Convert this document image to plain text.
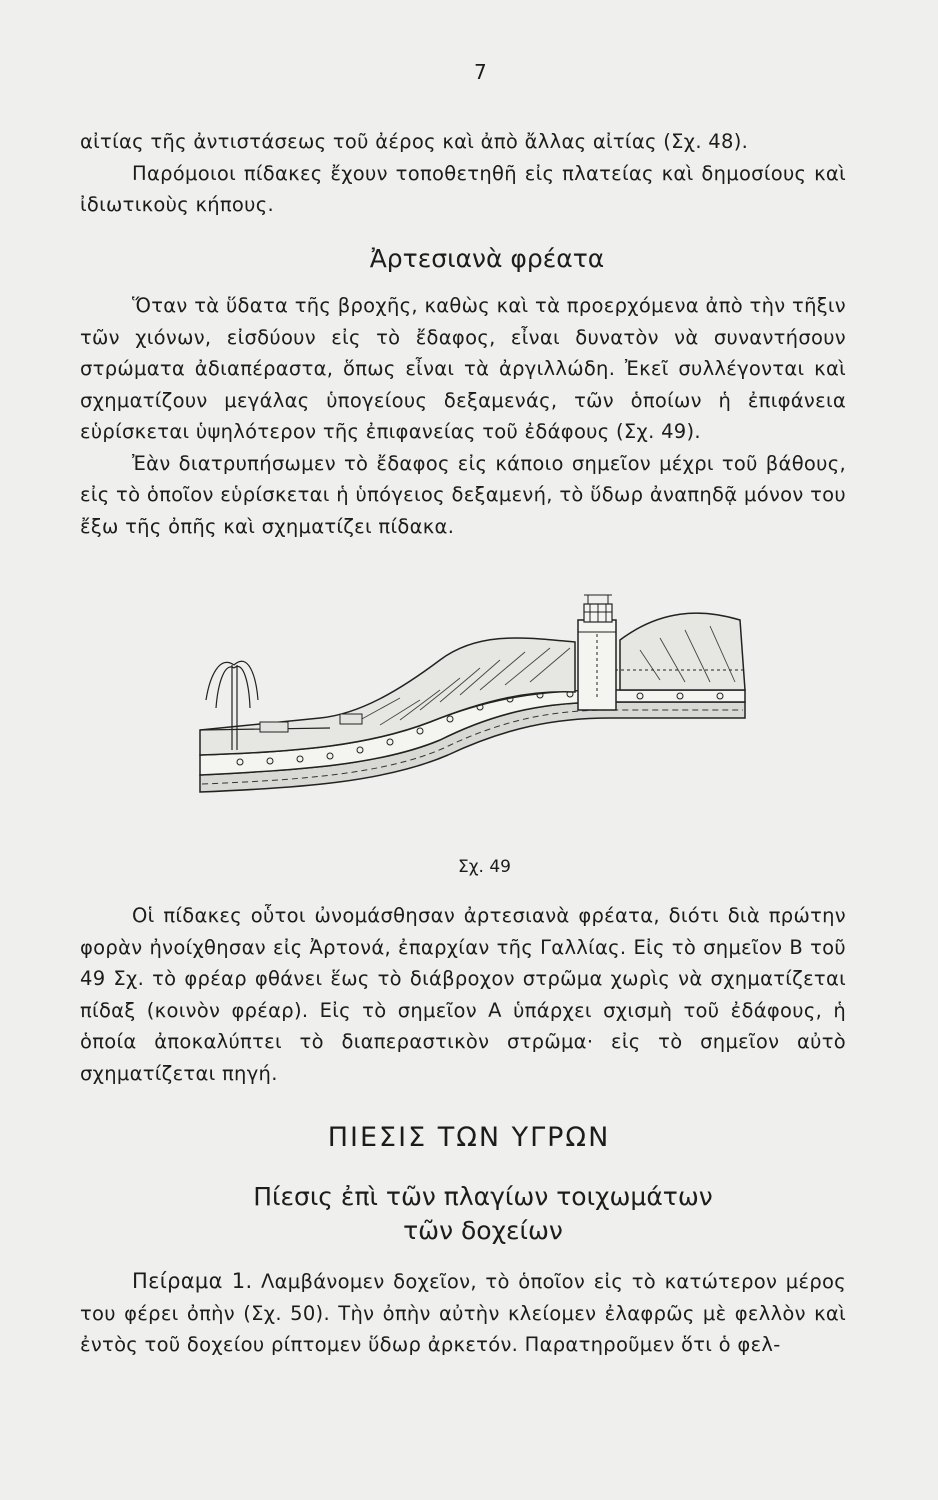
7

αἰτίας τῆς ἀντιστάσεως τοῦ ἀέρος καὶ ἀπὸ ἄλλας αἰτίας (Σχ. 48).

Παρόμοιοι πίδακες ἔχουν τοποθετηθῆ εἰς πλατείας καὶ δημοσίους καὶ ἰδιωτικοὺς κήπους.

Ἀρτεσιανὰ φρέατα

Ὅταν τὰ ὕδατα τῆς βροχῆς, καθὼς καὶ τὰ προερχόμενα ἀπὸ τὴν τῆξιν τῶν χιόνων, εἰσδύουν εἰς τὸ ἔδαφος, εἶναι δυνατὸν νὰ συναντήσουν στρώματα ἀδιαπέραστα, ὅπως εἶναι τὰ ἀργιλλώδη. Ἐκεῖ συλλέγονται καὶ σχηματίζουν μεγάλας ὑπογείους δεξαμενάς, τῶν ὁποίων ἡ ἐπιφάνεια εὑρίσκεται ὑψηλότερον τῆς ἐπιφανείας τοῦ ἐδάφους (Σχ. 49).

Ἐὰν διατρυπήσωμεν τὸ ἔδαφος εἰς κάποιο σημεῖον μέχρι τοῦ βάθους, εἰς τὸ ὁποῖον εὑρίσκεται ἡ ὑπόγειος δεξαμενή, τὸ ὕδωρ ἀναπηδᾷ μόνον του ἔξω τῆς ὀπῆς καὶ σχηματίζει πίδακα.

Σχ. 49

Οἱ πίδακες οὗτοι ὠνομάσθησαν ἀρτεσιανὰ φρέατα, διότι διὰ πρώτην φορὰν ἠνοίχθησαν εἰς Ἀρτονά, ἐπαρχίαν τῆς Γαλλίας. Εἰς τὸ σημεῖον Β τοῦ 49 Σχ. τὸ φρέαρ φθάνει ἕως τὸ διάβροχον στρῶμα χωρὶς νὰ σχηματίζεται πίδαξ (κοινὸν φρέαρ). Εἰς τὸ σημεῖον Α ὑπάρχει σχισμὴ τοῦ ἐδάφους, ἡ ὁποία ἀποκαλύπτει τὸ διαπεραστικὸν στρῶμα· εἰς τὸ σημεῖον αὐτὸ σχηματίζεται πηγή.

ΠΙΕΣΙΣ ΤΩΝ ΥΓΡΩΝ
Πίεσις ἐπὶ τῶν πλαγίων τοιχωμάτων
τῶν δοχείων

Πείραμα 1. Λαμβάνομεν δοχεῖον, τὸ ὁποῖον εἰς τὸ κατώτερον μέρος του φέρει ὀπὴν (Σχ. 50). Τὴν ὀπὴν αὐτὴν κλείομεν ἐλαφρῶς μὲ φελλὸν καὶ ἐντὸς τοῦ δοχείου ρίπτομεν ὕδωρ ἀρκετόν. Παρατηροῦμεν ὅτι ὁ φελ-
